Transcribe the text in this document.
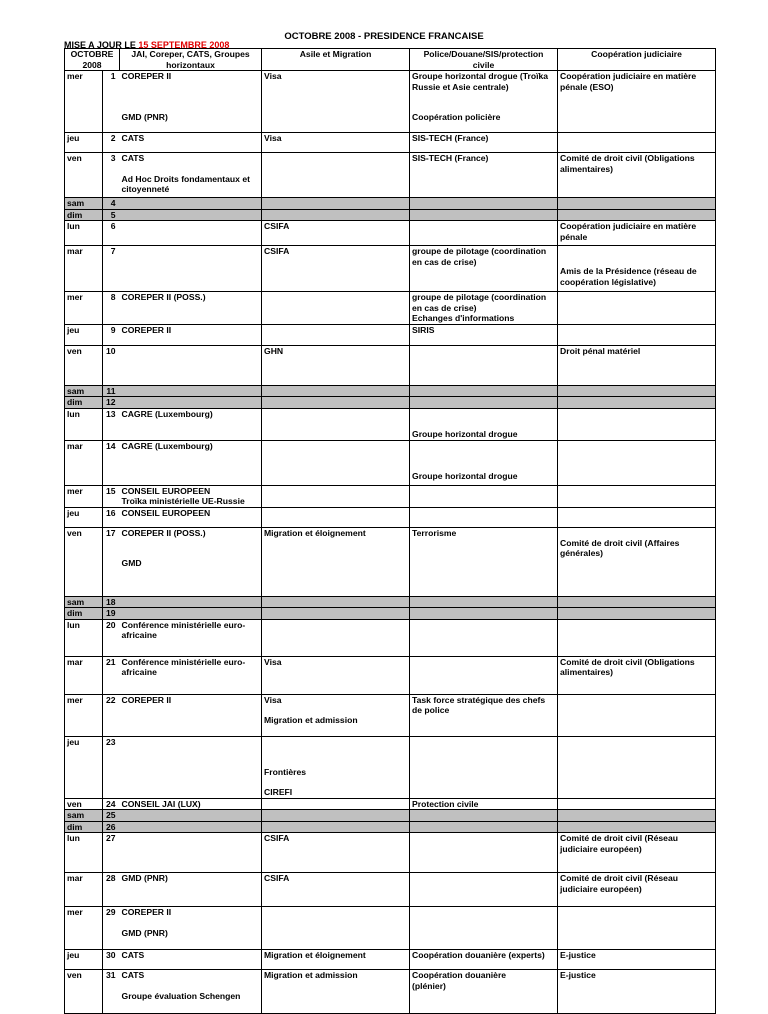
OCTOBRE 2008 - PRESIDENCE FRANCAISE
MISE A JOUR LE 15 SEPTEMBRE 2008
OCTOBRE 2008		JAI, Coreper, CATS, Groupes horizontaux	Asile et Migration	Police/Douane/SIS/protection civile	Coopération judiciaire
mer	1	COREPER II
GMD (PNR)	Visa	Groupe horizontal drogue (Troïka
Russie et Asie centrale)
Coopération policière	Coopération judiciaire en matière
pénale (ESO)

jeu	2	CATS	Visa	SIS-TECH (France)	

ven	3	CATS
Ad Hoc Droits fondamentaux et
citoyenneté		SIS-TECH (France)	Comité de droit civil (Obligations
alimentaires)

sam	4				
dim	5				
lun	6		CSIFA		Coopération judiciaire en matière
pénale

mar	7		CSIFA	groupe de pilotage (coordination
en cas de crise)	Amis de la Présidence (réseau de
coopération législative)

mer	8	COREPER II (POSS.)		groupe de pilotage (coordination
en cas de crise)
Echanges d'informations	

jeu	9	COREPER II		SIRIS	

ven	10		GHN		Droit pénal matériel

sam	11				
dim	12				
lun	13	CAGRE (Luxembourg)		Groupe horizontal drogue	

mar	14	CAGRE (Luxembourg)		Groupe horizontal drogue	

mer	15	CONSEIL EUROPEEN
Troïka ministérielle UE-Russie			

jeu	16	CONSEIL EUROPEEN			

ven	17	COREPER II (POSS.)
GMD	Migration et éloignement	Terrorisme	Comité de droit civil (Affaires
générales)

sam	18				
dim	19				
lun	20	Conférence ministérielle euro-
africaine			

mar	21	Conférence ministérielle euro-
africaine	Visa		Comité de droit civil (Obligations
alimentaires)

mer	22	COREPER II	Visa
Migration et admission	Task force stratégique des chefs
de police	

jeu	23		Frontières
CIREFI		

ven	24	CONSEIL JAI (LUX)		Protection civile	

sam	25				
dim	26				
lun	27		CSIFA		Comité de droit civil (Réseau
judiciaire européen)

mar	28	GMD (PNR)	CSIFA		Comité de droit civil (Réseau
judiciaire européen)

mer	29	COREPER II
GMD (PNR)			

jeu	30	CATS	Migration et éloignement	Coopération douanière (experts)	E-justice

ven	31	CATS
Groupe évaluation Schengen	Migration et admission	Coopération douanière
(plénier)	E-justice
